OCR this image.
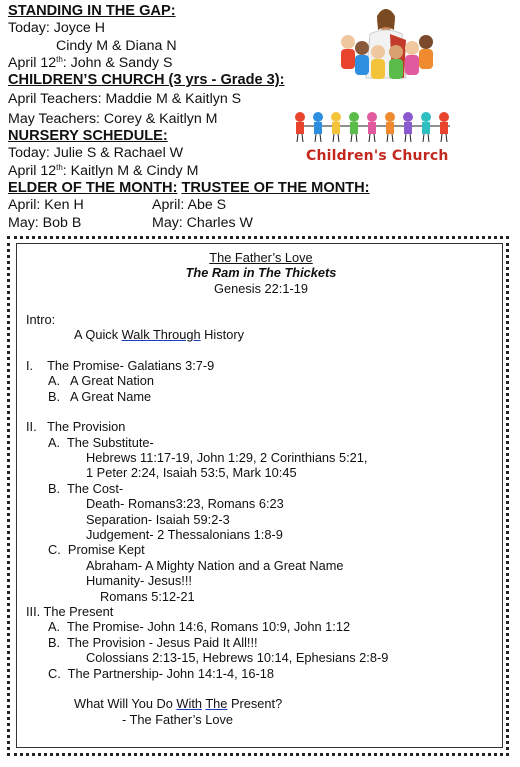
STANDING IN THE GAP:
Today: Joyce H
Cindy M & Diana N
April 12th: John & Sandy S
CHILDREN’S CHURCH (3 yrs - Grade 3):
April Teachers: Maddie M & Kaitlyn S
May Teachers: Corey & Kaitlyn M
NURSERY SCHEDULE:
Today: Julie S & Rachael W
April 12th: Kaitlyn M & Cindy M
ELDER OF THE MONTH: TRUSTEE OF THE MONTH:
April: Ken H	April: Abe S
May: Bob B	May: Charles W
Children's Church
The Father’s Love
The Ram in The Thickets
Genesis 22:1-19
Intro:
A Quick Walk Through History
I.    The Promise- Galatians 3:7-9
A.   A Great Nation
B.   A Great Name
II.   The Provision
A.  The Substitute-
Hebrews 11:17-19, John 1:29, 2 Corinthians 5:21,
1 Peter 2:24, Isaiah 53:5, Mark 10:45
B.  The Cost-
Death- Romans3:23, Romans 6:23
Separation- Isaiah 59:2-3
Judgement- 2 Thessalonians 1:8-9
C.  Promise Kept
Abraham- A Mighty Nation and a Great Name
Humanity- Jesus!!!
Romans 5:12-21
III. The Present
A.  The Promise- John 14:6, Romans 10:9, John 1:12
B.  The Provision - Jesus Paid It All!!!
Colossians 2:13-15, Hebrews 10:14, Ephesians 2:8-9
C.  The Partnership- John 14:1-4, 16-18
What Will You Do With The Present?
- The Father’s Love
